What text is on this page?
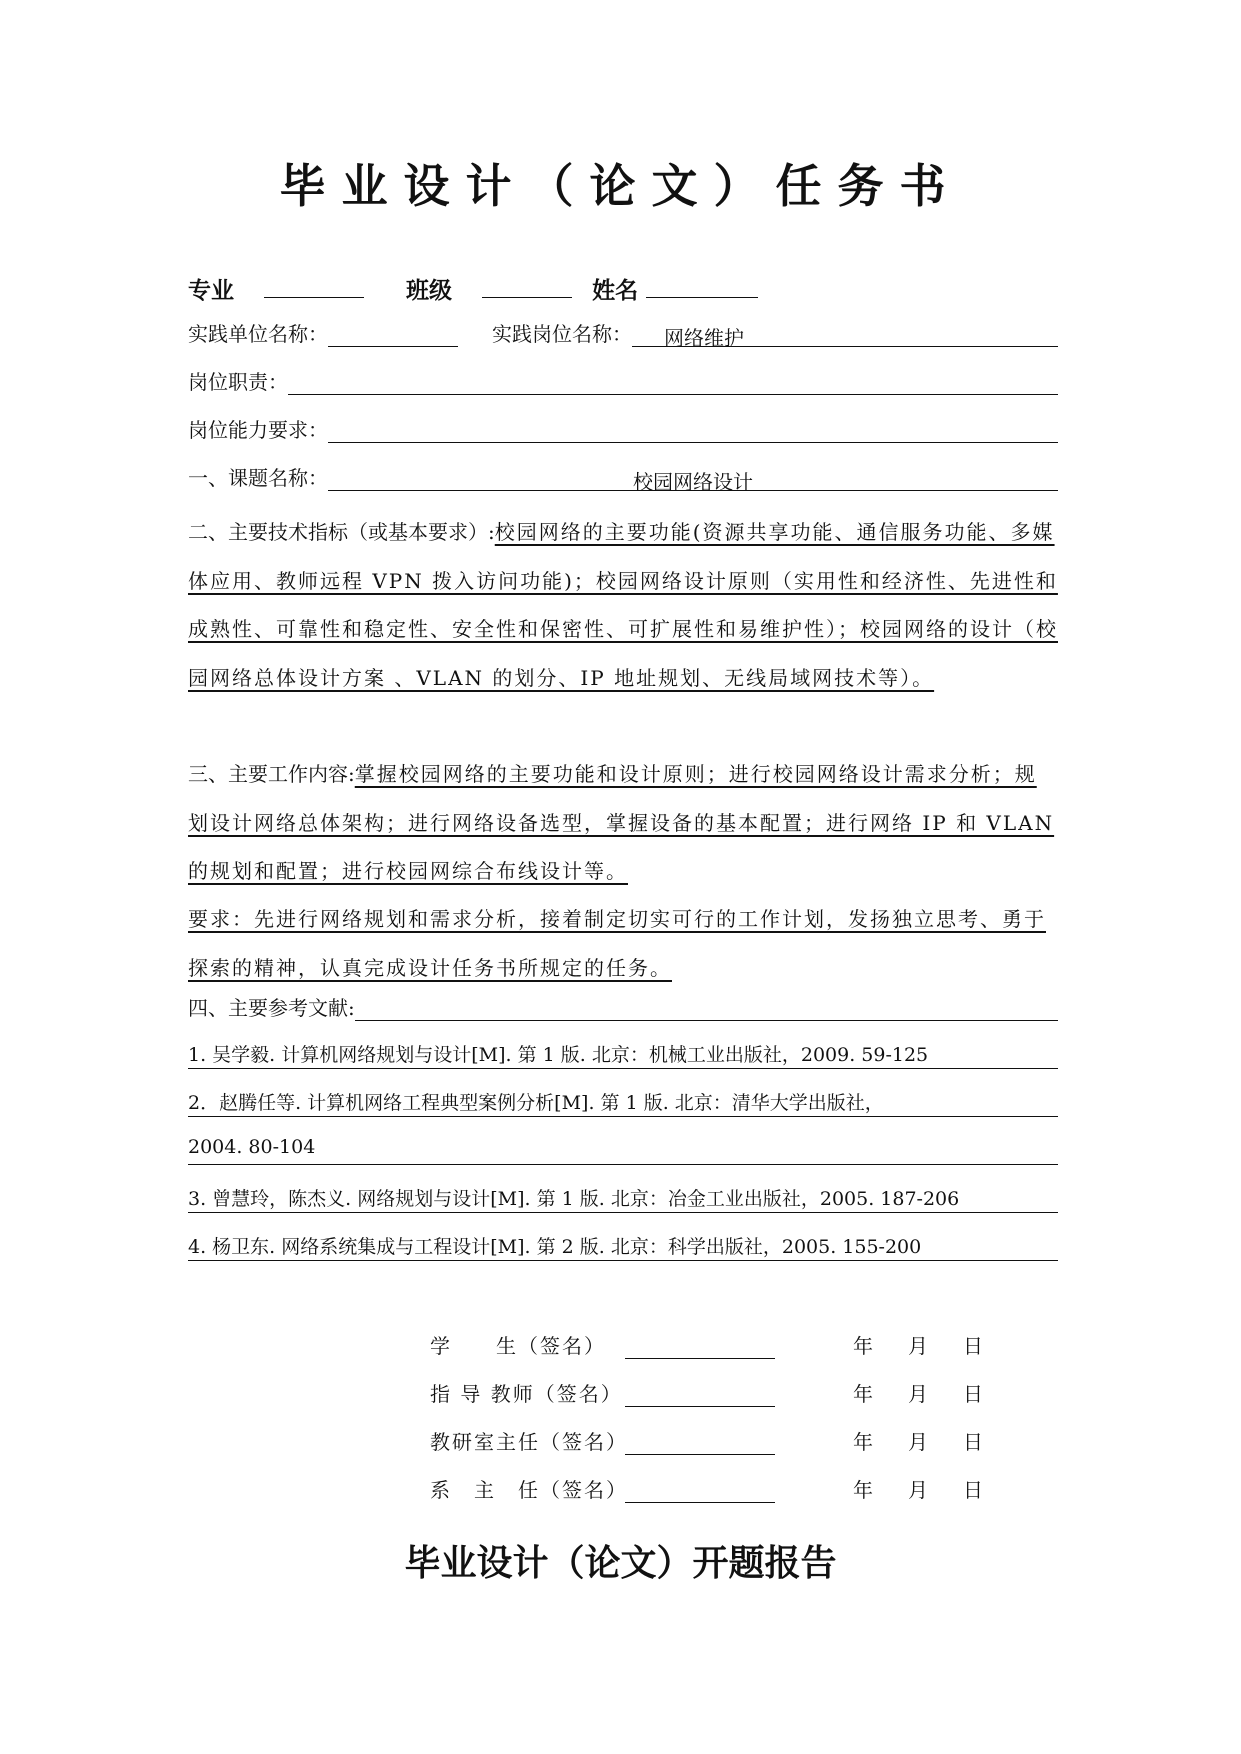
毕业设计（论文）任务书
专业	班级	姓名
实践单位名称：	实践岗位名称：	网络维护
岗位职责：
岗位能力要求：
一、课题名称：	校园网络设计
二、主要技术指标（或基本要求）:校园网络的主要功能(资源共享功能、通信服务功能、多媒体应用、教师远程 VPN 拨入访问功能)；校园网络设计原则（实用性和经济性、先进性和成熟性、可靠性和稳定性、安全性和保密性、可扩展性和易维护性）；校园网络的设计（校园网络总体设计方案 、VLAN 的划分、IP 地址规划、无线局域网技术等）。
三、主要工作内容:掌握校园网络的主要功能和设计原则；进行校园网络设计需求分析；规划设计网络总体架构；进行网络设备选型，掌握设备的基本配置；进行网络 IP 和 VLAN 的规划和配置；进行校园网综合布线设计等。
要求：先进行网络规划和需求分析，接着制定切实可行的工作计划，发扬独立思考、勇于探索的精神，认真完成设计任务书所规定的任务。
四、主要参考文献:
1. 吴学毅. 计算机网络规划与设计[M]. 第 1 版. 北京：机械工业出版社，2009. 59-125
2．赵腾任等. 计算机网络工程典型案例分析[M]. 第 1 版. 北京：清华大学出版社，
2004. 80-104
3. 曾慧玲，陈杰义. 网络规划与设计[M]. 第 1 版. 北京：冶金工业出版社，2005. 187-206
4. 杨卫东. 网络系统集成与工程设计[M]. 第 2 版. 北京：科学出版社，2005. 155-200
学　　生（签名）	年 月 日
指 导 教师（签名）	年 月 日
教研室主任（签名）	年 月 日
系　主　任（签名）	年 月 日
毕业设计（论文）开题报告
